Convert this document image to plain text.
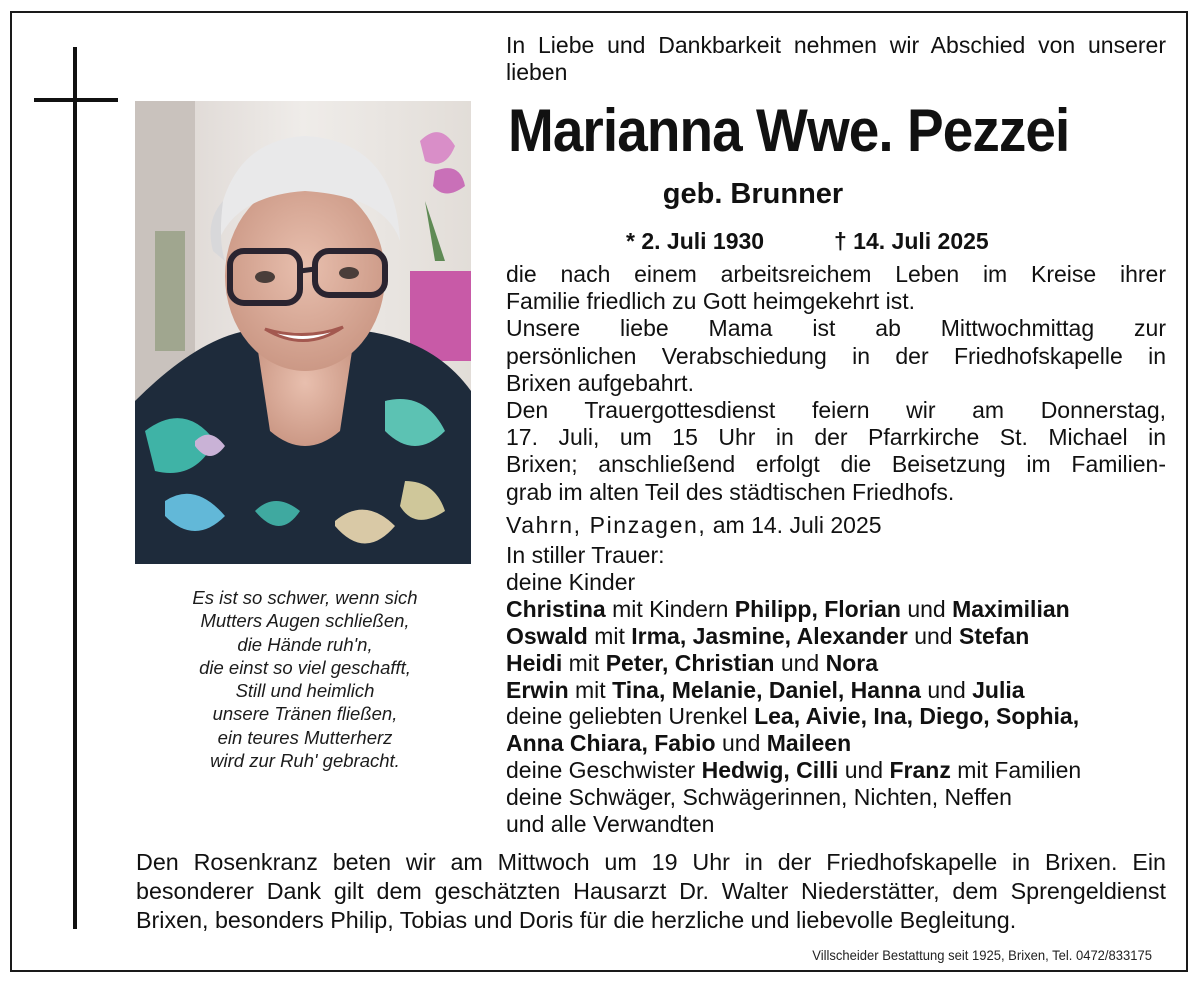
Es ist so schwer, wenn sich
Mutters Augen schließen,
die Hände ruh'n,
die einst so viel geschafft,
Still und heimlich
unsere Tränen fließen,
ein teures Mutterherz
wird zur Ruh' gebracht.
In Liebe und Dankbarkeit nehmen wir Abschied von unserer lieben
Marianna Wwe. Pezzei
geb. Brunner
* 2. Juli 1930	† 14. Juli 2025
die nach einem arbeitsreichem Leben im Kreise ihrer
Familie friedlich zu Gott heimgekehrt ist.
Unsere liebe Mama ist ab Mittwochmittag zur
persönlichen Verabschiedung in der Friedhofskapelle in
Brixen aufgebahrt.
Den Trauergottesdienst feiern wir am Donnerstag,
17. Juli, um 15 Uhr in der Pfarrkirche St. Michael in
Brixen; anschließend erfolgt die Beisetzung im Familien-
grab im alten Teil des städtischen Friedhofs.
Vahrn, Pinzagen, am 14. Juli 2025
In stiller Trauer:
deine Kinder
Christina mit Kindern Philipp, Florian und Maximilian
Oswald mit Irma, Jasmine, Alexander und Stefan
Heidi mit Peter, Christian und Nora
Erwin mit Tina, Melanie, Daniel, Hanna und Julia
deine geliebten Urenkel Lea, Aivie, Ina, Diego, Sophia,
Anna Chiara, Fabio und Maileen
deine Geschwister Hedwig, Cilli und Franz mit Familien
deine Schwäger, Schwägerinnen, Nichten, Neffen
und alle Verwandten
Den Rosenkranz beten wir am Mittwoch um 19 Uhr in der Friedhofskapelle in Brixen. Ein besonderer Dank gilt dem geschätzten Hausarzt Dr. Walter Niederstätter, dem Sprengeldienst Brixen, besonders Philip, Tobias und Doris für die herzliche und liebevolle Begleitung.
Villscheider Bestattung seit 1925, Brixen, Tel. 0472/833175
